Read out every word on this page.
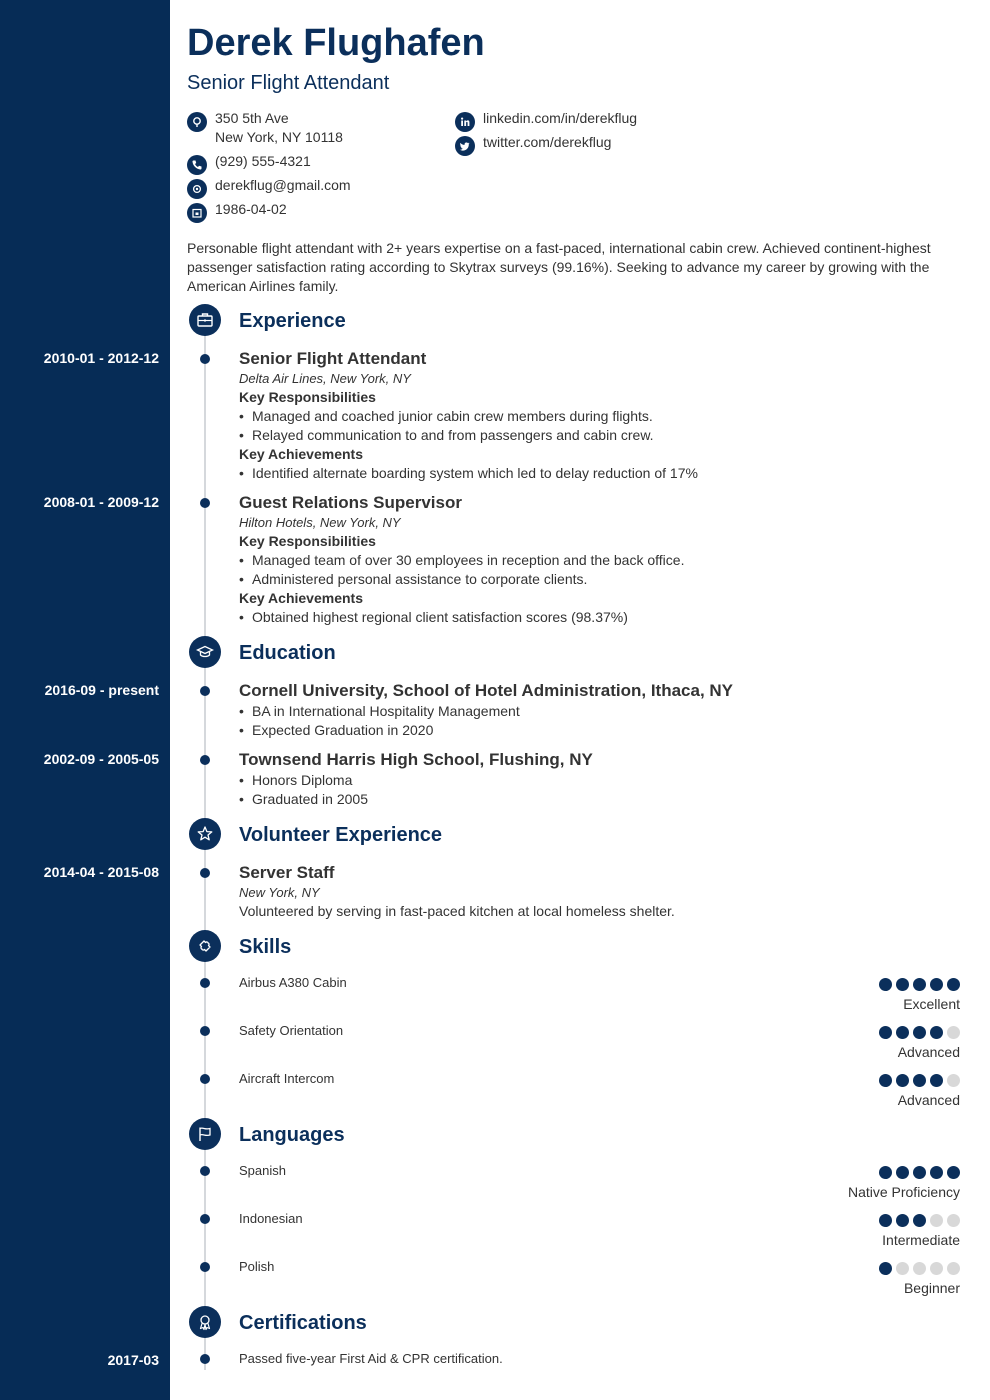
Derek Flughafen
Senior Flight Attendant
350 5th Ave
New York, NY 10118
(929) 555-4321
derekflug@gmail.com
1986-04-02
linkedin.com/in/derekflug
twitter.com/derekflug
Personable flight attendant with 2+ years expertise on a fast-paced, international cabin crew. Achieved continent-highest passenger satisfaction rating according to Skytrax surveys (99.16%). Seeking to advance my career by growing with the American Airlines family.
Experience
2010-01 - 2012-12	Senior Flight Attendant
Delta Air Lines, New York, NY
Key Responsibilities
• Managed and coached junior cabin crew members during flights.
• Relayed communication to and from passengers and cabin crew.
Key Achievements
• Identified alternate boarding system which led to delay reduction of 17%
2008-01 - 2009-12	Guest Relations Supervisor
Hilton Hotels, New York, NY
Key Responsibilities
• Managed team of over 30 employees in reception and the back office.
• Administered personal assistance to corporate clients.
Key Achievements
• Obtained highest regional client satisfaction scores (98.37%)
Education
2016-09 - present	Cornell University, School of Hotel Administration, Ithaca, NY
• BA in International Hospitality Management
• Expected Graduation in 2020
2002-09 - 2005-05	Townsend Harris High School, Flushing, NY
• Honors Diploma
• Graduated in 2005
Volunteer Experience
2014-04 - 2015-08	Server Staff
New York, NY
Volunteered by serving in fast-paced kitchen at local homeless shelter.
Skills
Airbus A380 Cabin
Excellent
Safety Orientation
Advanced
Aircraft Intercom
Advanced
Languages
Spanish
Native Proficiency
Indonesian
Intermediate
Polish
Beginner
Certifications
2017-03	Passed five-year First Aid & CPR certification.
